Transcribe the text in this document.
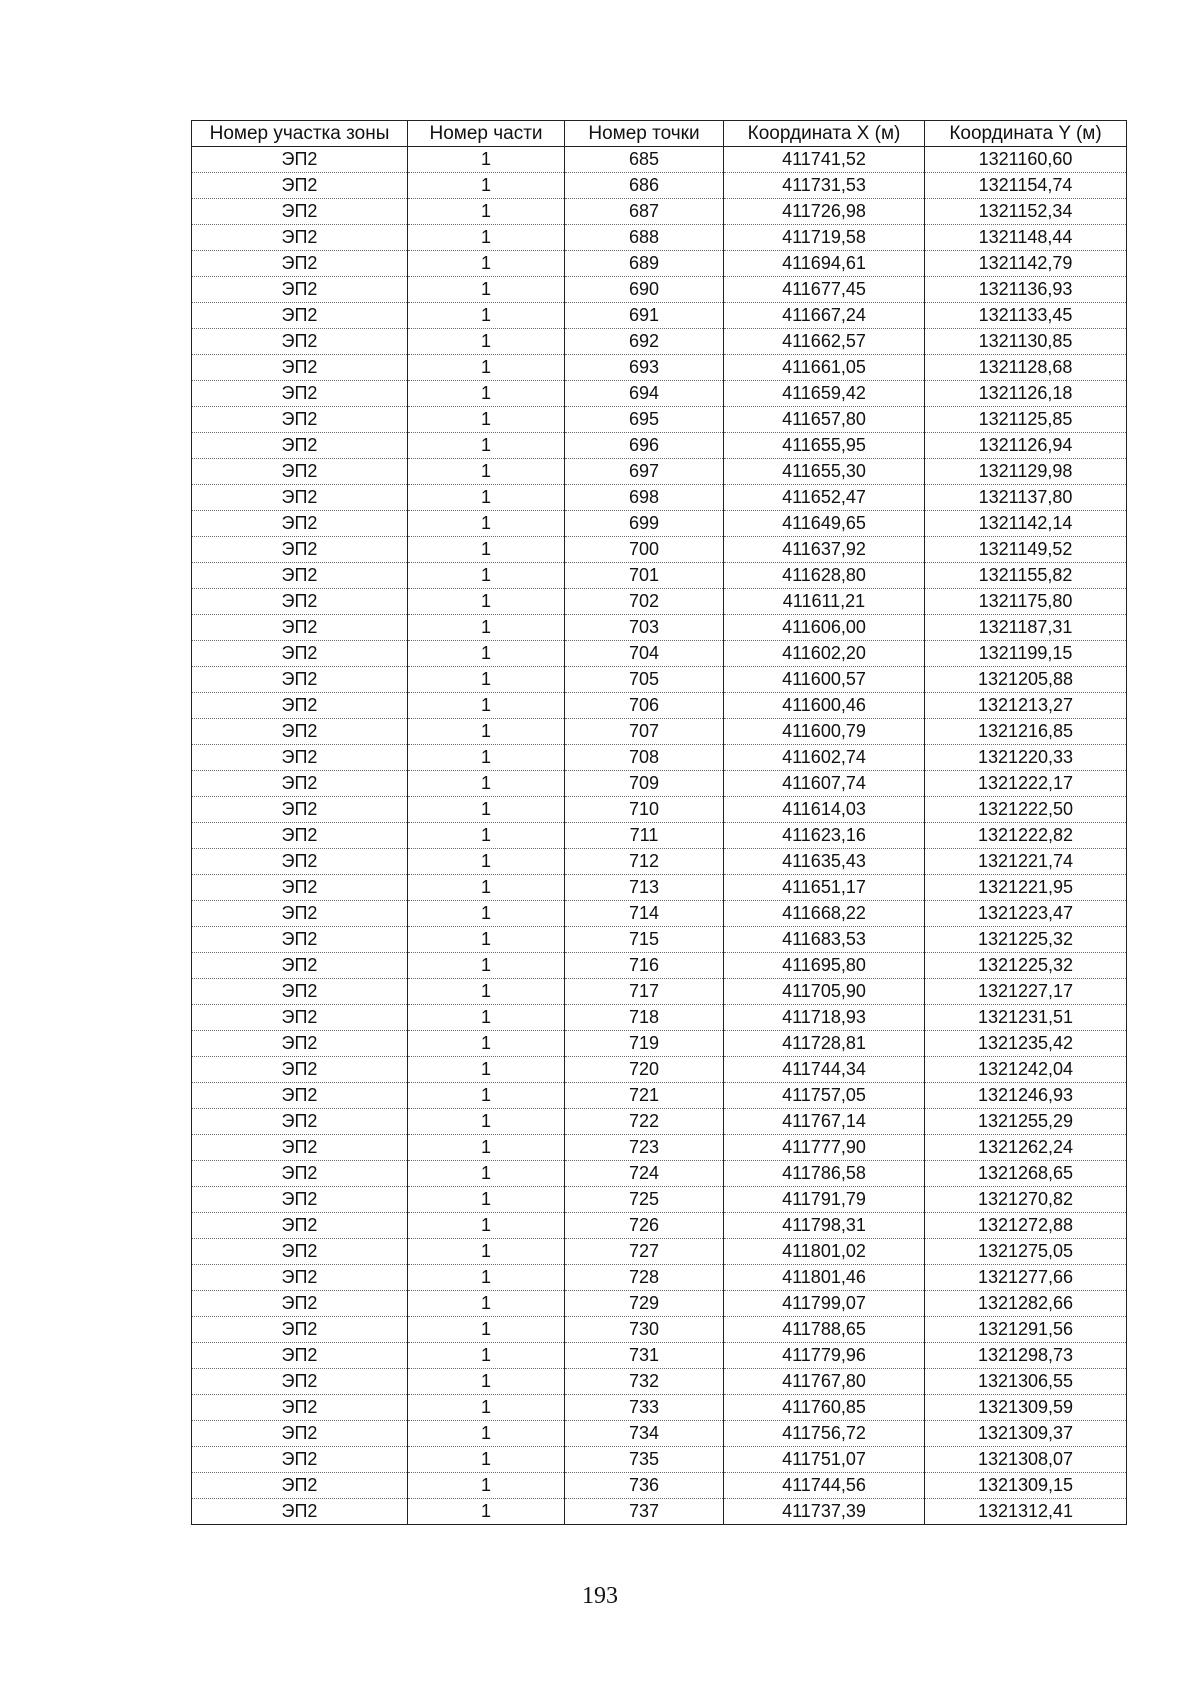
Номер участка зоны	Номер части	Номер точки	Координата X (м)	Координата Y (м)
ЭП2	1	685	411741,52	1321160,60
ЭП2	1	686	411731,53	1321154,74
ЭП2	1	687	411726,98	1321152,34
ЭП2	1	688	411719,58	1321148,44
ЭП2	1	689	411694,61	1321142,79
ЭП2	1	690	411677,45	1321136,93
ЭП2	1	691	411667,24	1321133,45
ЭП2	1	692	411662,57	1321130,85
ЭП2	1	693	411661,05	1321128,68
ЭП2	1	694	411659,42	1321126,18
ЭП2	1	695	411657,80	1321125,85
ЭП2	1	696	411655,95	1321126,94
ЭП2	1	697	411655,30	1321129,98
ЭП2	1	698	411652,47	1321137,80
ЭП2	1	699	411649,65	1321142,14
ЭП2	1	700	411637,92	1321149,52
ЭП2	1	701	411628,80	1321155,82
ЭП2	1	702	411611,21	1321175,80
ЭП2	1	703	411606,00	1321187,31
ЭП2	1	704	411602,20	1321199,15
ЭП2	1	705	411600,57	1321205,88
ЭП2	1	706	411600,46	1321213,27
ЭП2	1	707	411600,79	1321216,85
ЭП2	1	708	411602,74	1321220,33
ЭП2	1	709	411607,74	1321222,17
ЭП2	1	710	411614,03	1321222,50
ЭП2	1	711	411623,16	1321222,82
ЭП2	1	712	411635,43	1321221,74
ЭП2	1	713	411651,17	1321221,95
ЭП2	1	714	411668,22	1321223,47
ЭП2	1	715	411683,53	1321225,32
ЭП2	1	716	411695,80	1321225,32
ЭП2	1	717	411705,90	1321227,17
ЭП2	1	718	411718,93	1321231,51
ЭП2	1	719	411728,81	1321235,42
ЭП2	1	720	411744,34	1321242,04
ЭП2	1	721	411757,05	1321246,93
ЭП2	1	722	411767,14	1321255,29
ЭП2	1	723	411777,90	1321262,24
ЭП2	1	724	411786,58	1321268,65
ЭП2	1	725	411791,79	1321270,82
ЭП2	1	726	411798,31	1321272,88
ЭП2	1	727	411801,02	1321275,05
ЭП2	1	728	411801,46	1321277,66
ЭП2	1	729	411799,07	1321282,66
ЭП2	1	730	411788,65	1321291,56
ЭП2	1	731	411779,96	1321298,73
ЭП2	1	732	411767,80	1321306,55
ЭП2	1	733	411760,85	1321309,59
ЭП2	1	734	411756,72	1321309,37
ЭП2	1	735	411751,07	1321308,07
ЭП2	1	736	411744,56	1321309,15
ЭП2	1	737	411737,39	1321312,41
193
